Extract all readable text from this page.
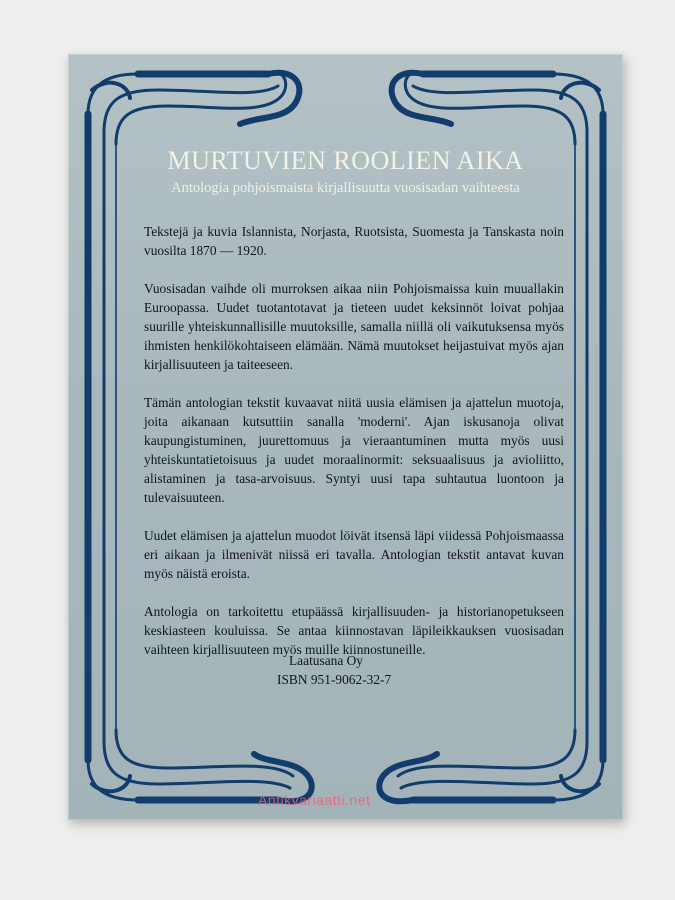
MURTUVIEN ROOLIEN AIKA
Antologia pohjoismaista kirjallisuutta vuosisadan vaihteesta

Tekstejä ja kuvia Islannista, Norjasta, Ruotsista, Suomesta ja Tanskasta noin vuosilta 1870 — 1920.

Vuosisadan vaihde oli murroksen aikaa niin Pohjoismaissa kuin muuallakin Euroopassa. Uudet tuotantotavat ja tieteen uudet keksinnöt loivat pohjaa suurille yhteiskunnallisille muutoksille, samalla niillä oli vaikutuksensa myös ihmisten henkilökohtaiseen elämään. Nämä muutokset heijastuivat myös ajan kirjallisuuteen ja taiteeseen.

Tämän antologian tekstit kuvaavat niitä uusia elämisen ja ajattelun muotoja, joita aikanaan kutsuttiin sanalla 'moderni'. Ajan iskusanoja olivat kaupungistuminen, juurettomuus ja vieraantuminen mutta myös uusi yhteiskuntatietoisuus ja uudet moraalinormit: seksuaalisuus ja avioliitto, alistaminen ja tasa-arvoisuus. Syntyi uusi tapa suhtautua luontoon ja tulevaisuuteen.

Uudet elämisen ja ajattelun muodot löivät itsensä läpi viidessä Pohjoismaassa eri aikaan ja ilmenivät niissä eri tavalla. Antologian tekstit antavat kuvan myös näistä eroista.

Antologia on tarkoitettu etupäässä kirjallisuuden- ja historianopetukseen keskiasteen kouluissa. Se antaa kiinnostavan läpileikkauksen vuosisadan vaihteen kirjallisuuteen myös muille kiinnostuneille.

Laatusana Oy
ISBN 951-9062-32-7
Antikvariaatti.net
